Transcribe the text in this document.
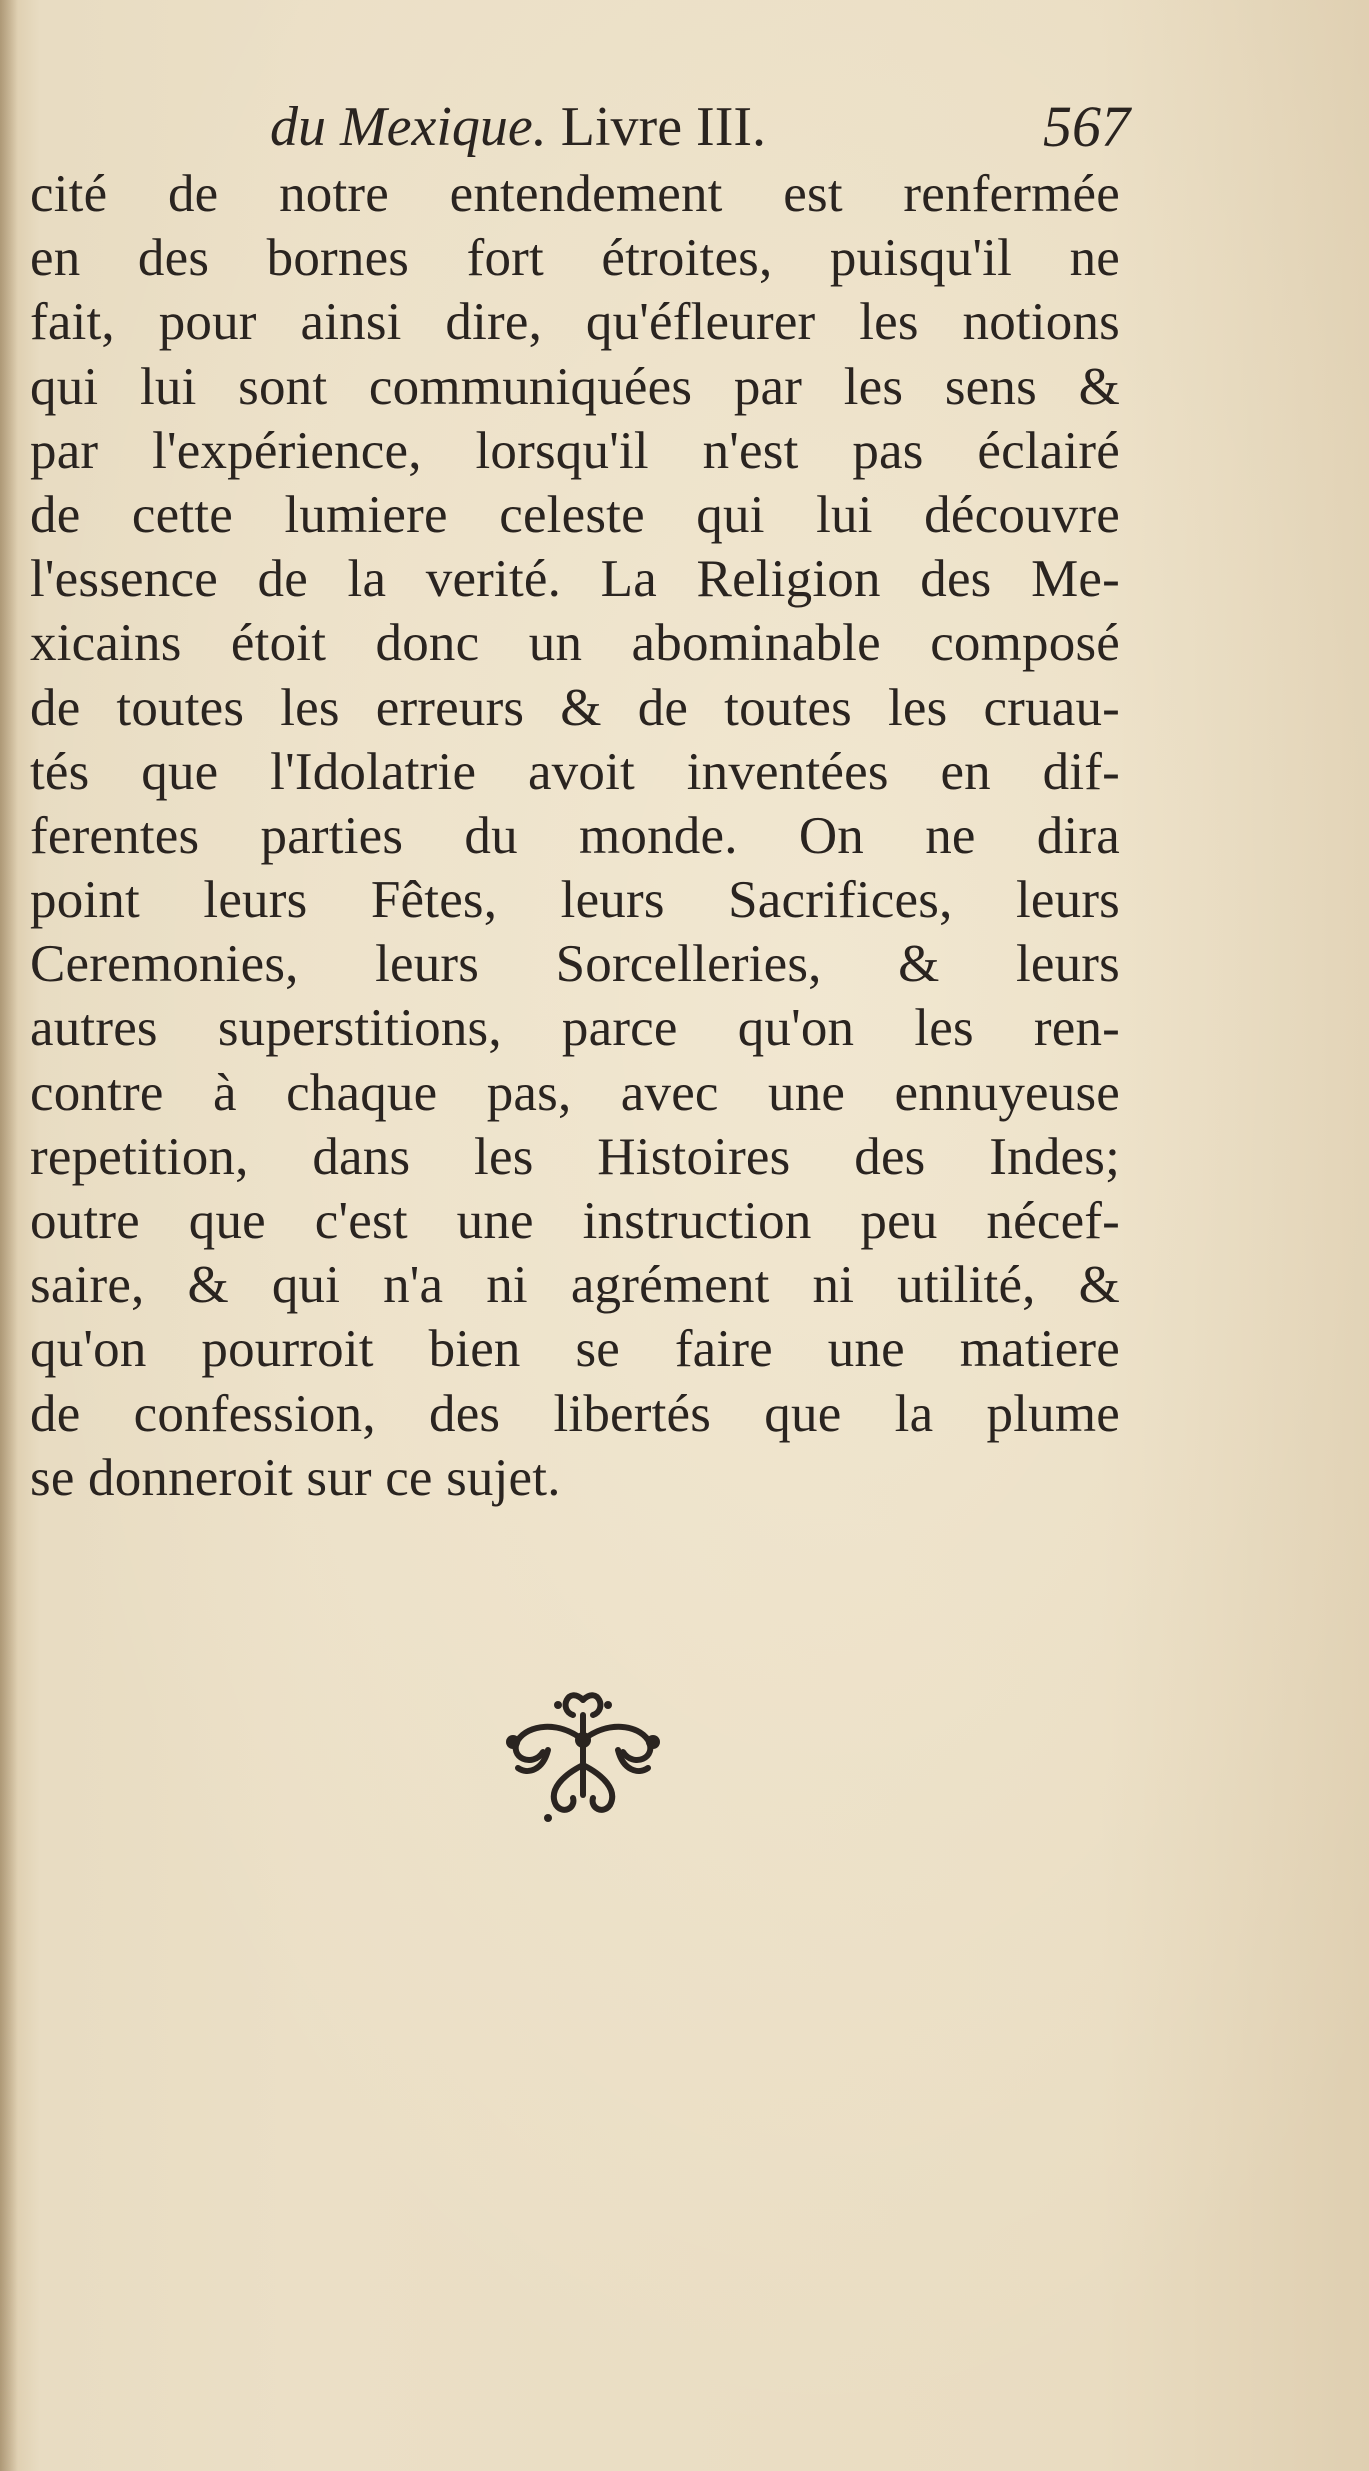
du Mexique. Livre III.	567
cité de notre entendement est renfermée
en des bornes fort étroites, puisqu'il ne
fait, pour ainsi dire, qu'éfleurer les notions
qui lui sont communiquées par les sens &
par l'expérience, lorsqu'il n'est pas éclairé
de cette lumiere celeste qui lui découvre
l'essence de la verité. La Religion des Me-
xicains étoit donc un abominable composé
de toutes les erreurs & de toutes les cruau-
tés que l'Idolatrie avoit inventées en dif-
ferentes parties du monde. On ne dira
point leurs Fêtes, leurs Sacrifices, leurs
Ceremonies, leurs Sorcelleries, & leurs
autres superstitions, parce qu'on les ren-
contre à chaque pas, avec une ennuyeuse
repetition, dans les Histoires des Indes;
outre que c'est une instruction peu nécef-
saire, & qui n'a ni agrément ni utilité, &
qu'on pourroit bien se faire une matiere
de confession, des libertés que la plume
se donneroit sur ce sujet.
